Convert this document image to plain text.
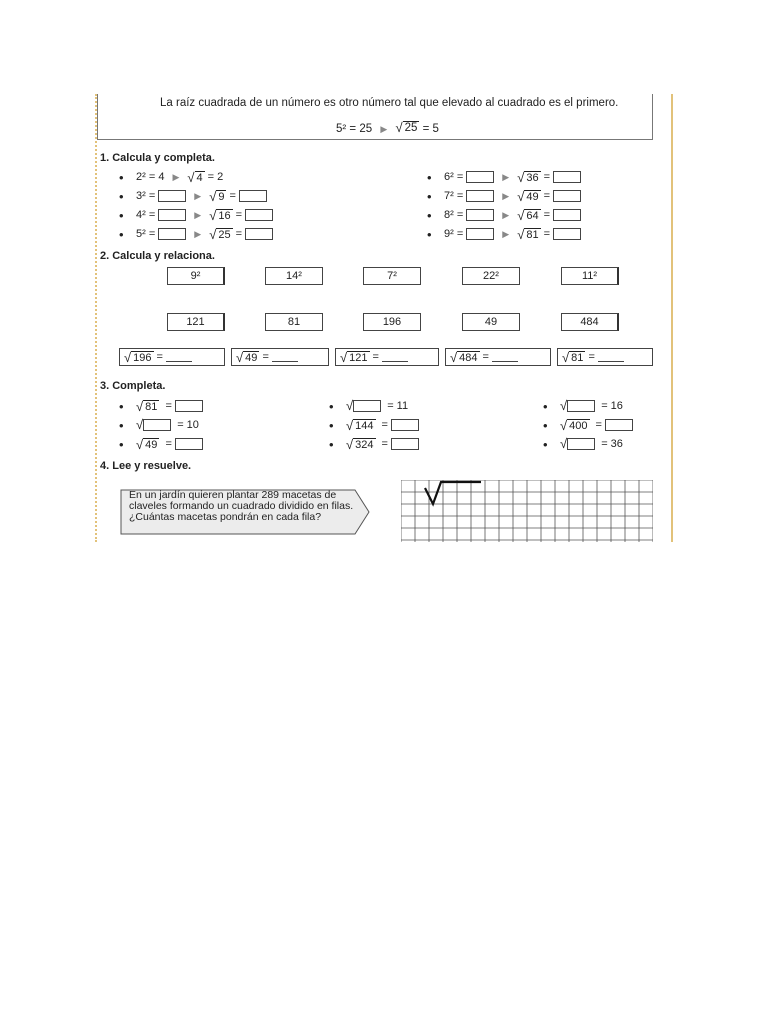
La raíz cuadrada de un número es otro número tal que elevado al cuadrado es el primero.
5² = 25 ▶ √ 25 = 5
1. Calcula y completa.
•	2² = 4 ▶ √ 4 = 2
•	3² =	▶ √ 9 =
•	4² =	▶ √ 16 =
•	5² =	▶ √ 25 =
•	6² =	▶ √ 36 =
•	7² =	▶ √ 49 =
•	8² =	▶ √ 64 =
•	9² =	▶ √ 81 =
2. Calcula y relaciona.
9²	14²	7²	22²	11²
121	81	196	49	484
√ 196 =	√ 49 =	√ 121 =	√ 484 =	√ 81 =
3. Completa.
• √ 81 =
• √	= 10
• √ 49 =
• √	= 11
• √ 144 =
• √ 324 =
• √	= 16
• √ 400 =
• √	= 36
4. Lee y resuelve.
En un jardín quieren plantar 289 macetas de claveles formando un cuadrado dividido en filas. ¿Cuántas macetas pondrán en cada fila?
